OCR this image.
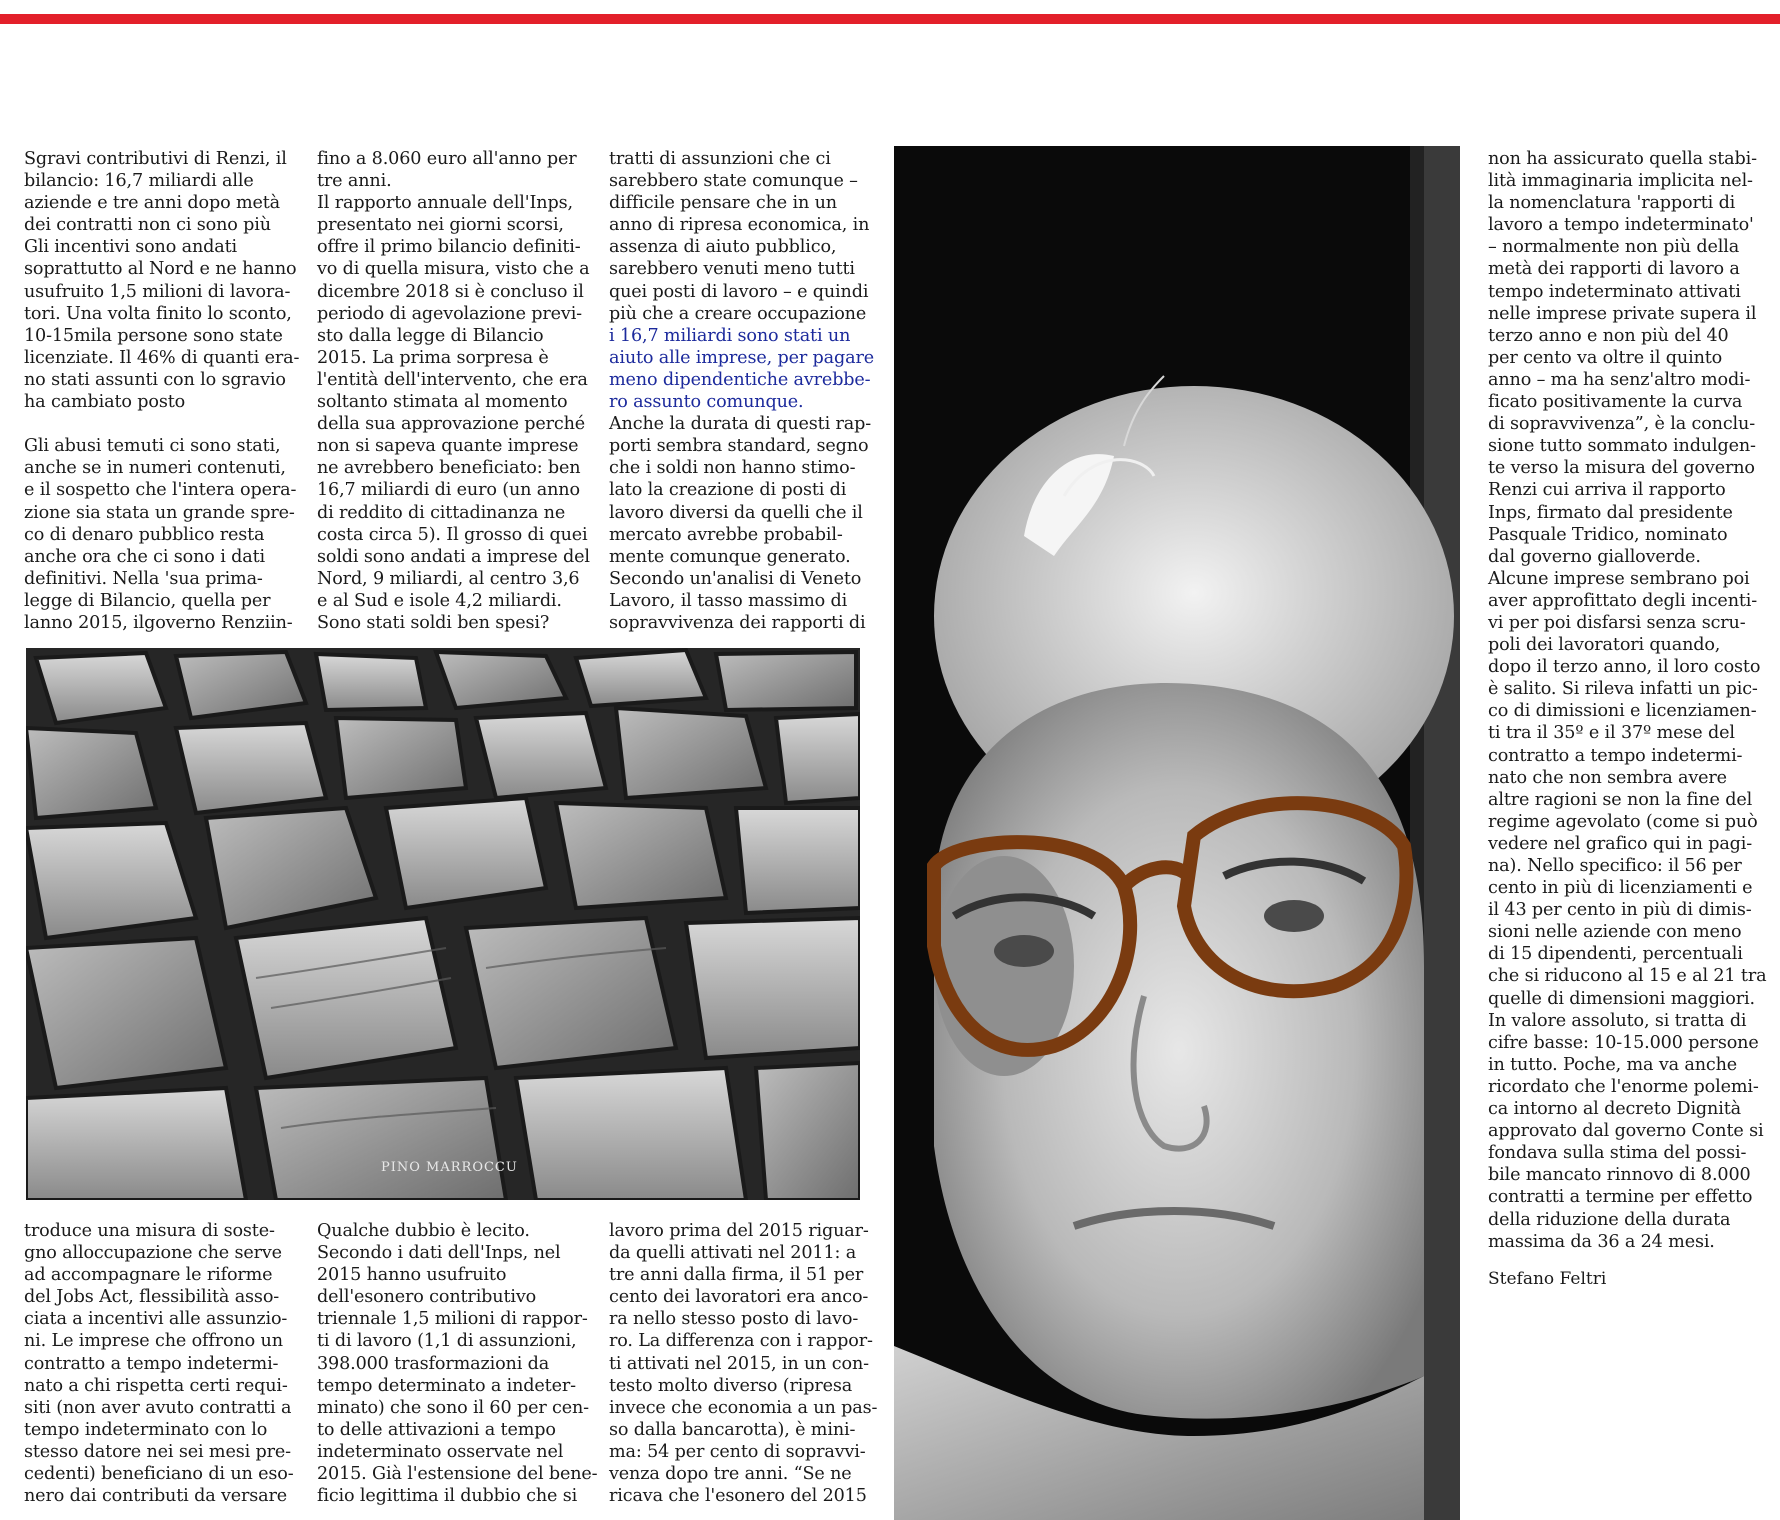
Sgravi contributivi di Renzi, il
bilancio: 16,7 miliardi alle
aziende e tre anni dopo metà
dei contratti non ci sono più
Gli incentivi sono andati
soprattutto al Nord e ne hanno
usufruito 1,5 milioni di lavora-
tori. Una volta finito lo sconto,
10-15mila persone sono state
licenziate. Il 46% di quanti era-
no stati assunti con lo sgravio
ha cambiato posto

Gli abusi temuti ci sono stati,
anche se in numeri contenuti,
e il sospetto che l'intera opera-
zione sia stata un grande spre-
co di denaro pubblico resta
anche ora che ci sono i dati
definitivi. Nella 'sua prima-
legge di Bilancio, quella per
lanno 2015, ilgoverno Renziin-
fino a 8.060 euro all'anno per
tre anni.
Il rapporto annuale dell'Inps,
presentato nei giorni scorsi,
offre il primo bilancio definiti-
vo di quella misura, visto che a
dicembre 2018 si è concluso il
periodo di agevolazione previ-
sto dalla legge di Bilancio
2015. La prima sorpresa è
l'entità dell'intervento, che era
soltanto stimata al momento
della sua approvazione perché
non si sapeva quante imprese
ne avrebbero beneficiato: ben
16,7 miliardi di euro (un anno
di reddito di cittadinanza ne
costa circa 5). Il grosso di quei
soldi sono andati a imprese del
Nord, 9 miliardi, al centro 3,6
e al Sud e isole 4,2 miliardi.
Sono stati soldi ben spesi?
tratti di assunzioni che ci
sarebbero state comunque –
difficile pensare che in un
anno di ripresa economica, in
assenza di aiuto pubblico,
sarebbero venuti meno tutti
quei posti di lavoro – e quindi
più che a creare occupazione
i 16,7 miliardi sono stati un
aiuto alle imprese, per pagare
meno dipendentiche avrebbe-
ro assunto comunque.
Anche la durata di questi rap-
porti sembra standard, segno
che i soldi non hanno stimo-
lato la creazione di posti di
lavoro diversi da quelli che il
mercato avrebbe probabil-
mente comunque generato.
Secondo un'analisi di Veneto
Lavoro, il tasso massimo di
sopravvivenza dei rapporti di
PINO MARROCCU
troduce una misura di soste-
gno alloccupazione che serve
ad accompagnare le riforme
del Jobs Act, flessibilità asso-
ciata a incentivi alle assunzio-
ni. Le imprese che offrono un
contratto a tempo indetermi-
nato a chi rispetta certi requi-
siti (non aver avuto contratti a
tempo indeterminato con lo
stesso datore nei sei mesi pre-
cedenti) beneficiano di un eso-
nero dai contributi da versare
Qualche dubbio è lecito.
Secondo i dati dell'Inps, nel
2015 hanno usufruito
dell'esonero contributivo
triennale 1,5 milioni di rappor-
ti di lavoro (1,1 di assunzioni,
398.000 trasformazioni da
tempo determinato a indeter-
minato) che sono il 60 per cen-
to delle attivazioni a tempo
indeterminato osservate nel
2015. Già l'estensione del bene-
ficio legittima il dubbio che si
lavoro prima del 2015 riguar-
da quelli attivati nel 2011: a
tre anni dalla firma, il 51 per
cento dei lavoratori era anco-
ra nello stesso posto di lavo-
ro. La differenza con i rappor-
ti attivati nel 2015, in un con-
testo molto diverso (ripresa
invece che economia a un pas-
so dalla bancarotta), è mini-
ma: 54 per cento di sopravvi-
venza dopo tre anni. “Se ne
ricava che l'esonero del 2015
non ha assicurato quella stabi-
lità immaginaria implicita nel-
la nomenclatura 'rapporti di
lavoro a tempo indeterminato'
– normalmente non più della
metà dei rapporti di lavoro a
tempo indeterminato attivati
nelle imprese private supera il
terzo anno e non più del 40
per cento va oltre il quinto
anno – ma ha senz'altro modi-
ficato positivamente la curva
di sopravvivenza”, è la conclu-
sione tutto sommato indulgen-
te verso la misura del governo
Renzi cui arriva il rapporto
Inps, firmato dal presidente
Pasquale Tridico, nominato
dal governo gialloverde.
Alcune imprese sembrano poi
aver approfittato degli incenti-
vi per poi disfarsi senza scru-
poli dei lavoratori quando,
dopo il terzo anno, il loro costo
è salito. Si rileva infatti un pic-
co di dimissioni e licenziamen-
ti tra il 35º e il 37º mese del
contratto a tempo indetermi-
nato che non sembra avere
altre ragioni se non la fine del
regime agevolato (come si può
vedere nel grafico qui in pagi-
na). Nello specifico: il 56 per
cento in più di licenziamenti e
il 43 per cento in più di dimis-
sioni nelle aziende con meno
di 15 dipendenti, percentuali
che si riducono al 15 e al 21 tra
quelle di dimensioni maggiori.
In valore assoluto, si tratta di
cifre basse: 10-15.000 persone
in tutto. Poche, ma va anche
ricordato che l'enorme polemi-
ca intorno al decreto Dignità
approvato dal governo Conte si
fondava sulla stima del possi-
bile mancato rinnovo di 8.000
contratti a termine per effetto
della riduzione della durata
massima da 36 a 24 mesi.
Stefano Feltri
